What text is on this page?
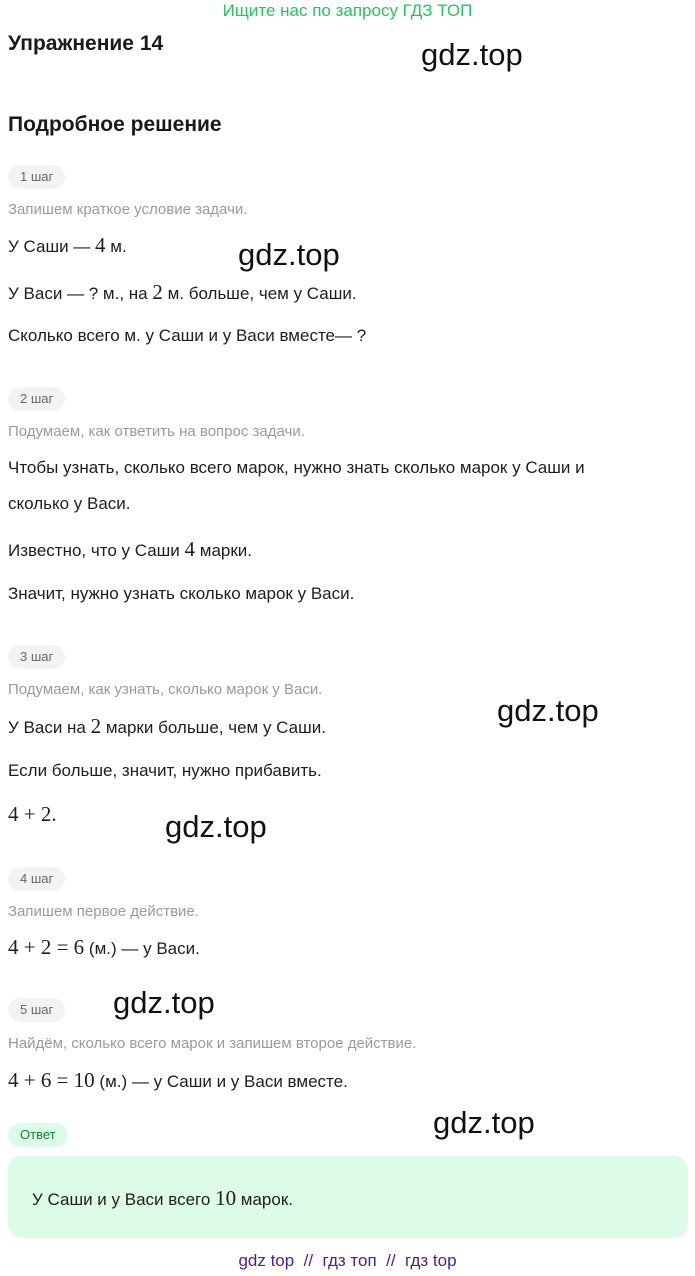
Ищите нас по запросу ГДЗ ТОП
Упражнение 14
Подробное решение
gdz.top
gdz.top
gdz.top
gdz.top
gdz.top
gdz.top
1 шаг
Запишем краткое условие задачи.
У Саши — 4 м.
У Васи — ? м., на 2 м. больше, чем у Саши.
Сколько всего м. у Саши и у Васи вместе— ?
2 шаг
Подумаем, как ответить на вопрос задачи.
Чтобы узнать, сколько всего марок, нужно знать сколько марок у Саши и
сколько у Васи.
Известно, что у Саши 4 марки.
Значит, нужно узнать сколько марок у Васи.
3 шаг
Подумаем, как узнать, сколько марок у Васи.
У Васи на 2 марки больше, чем у Саши.
Если больше, значит, нужно прибавить.
4 + 2.
4 шаг
Запишем первое действие.
4 + 2 = 6 (м.) — у Васи.
5 шаг
Найдём, сколько всего марок и запишем второе действие.
4 + 6 = 10 (м.) — у Саши и у Васи вместе.
Ответ
У Саши и у Васи всего 10 марок.
gdz top  //  гдз топ  //  гдз top
